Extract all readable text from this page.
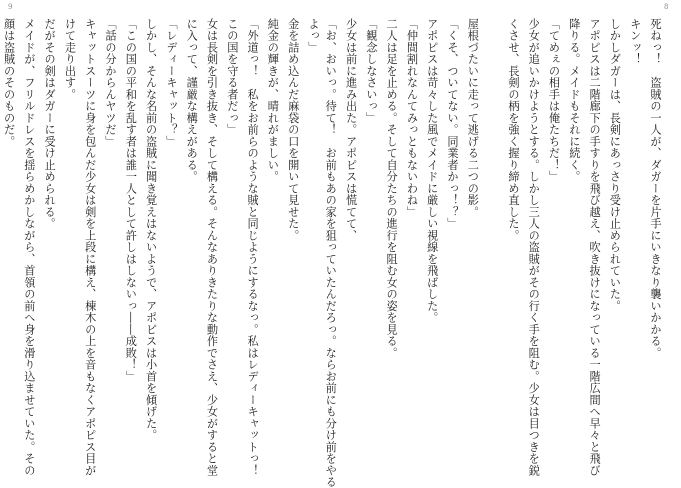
9	8
死ねっ！　盗賊の一人が、ダガーを片手にいきなり襲いかかる。
キンッ！
しかしダガーは、長剣にあっさり受け止められていた。
アポピスは二階廊下の手すりを飛び越え、吹き抜けになっている一階広間へ早々と飛び
降りる。メイドもそれに続く。
「てめぇの相手は俺たちだ！」
少女が追いかけようとする。しかし三人の盗賊がその行く手を阻む。少女は目つきを鋭
くさせ、長剣の柄を強く握り締め直した。

屋根づたいに走って逃げる二つの影。
「くそ、ついてない。同業者かっ！？」
アポピスは苛々した風でメイドに厳しい視線を飛ばした。
「仲間割れなんてみっともないわね」
二人は足を止める。そして自分たちの進行を阻む女の姿を見る。
「観念しなさいっ」
少女は前に進み出た。アポピスは慌てて、
「お、おいっ。待て！　お前もあの家を狙っていたんだろっ。ならお前にも分け前をやる
よっ」
金を詰め込んだ麻袋の口を開いて見せた。
純金の輝きが、晴れがましい。
「外道っ！　私をお前らのような賊と同じようにするなっ。私はレディーキャットっ！
この国を守る者だっ」
女は長剣を引き抜き、そして構える。そんなありきたりな動作でさえ、少女がすると堂
に入って、謹厳な構えがある。
「レディーキャット？」
しかし、そんな名前の盗賊に聞き覚えはないようで、アポピスは小首を傾げた。
「この国の平和を乱す者は誰一人として許しはしないっ――成敗！」
「話の分からんヤツだ」
キャットスーツに身を包んだ少女は剣を上段に構え、棟木の上を音もなくアポピス目が
けて走り出す。
だがその剣はダガーに受け止められる。
メイドが、フリルドレスを揺らめかしながら、首領の前へ身を滑り込ませていた。その
顔は盗賊のそのものだ。
